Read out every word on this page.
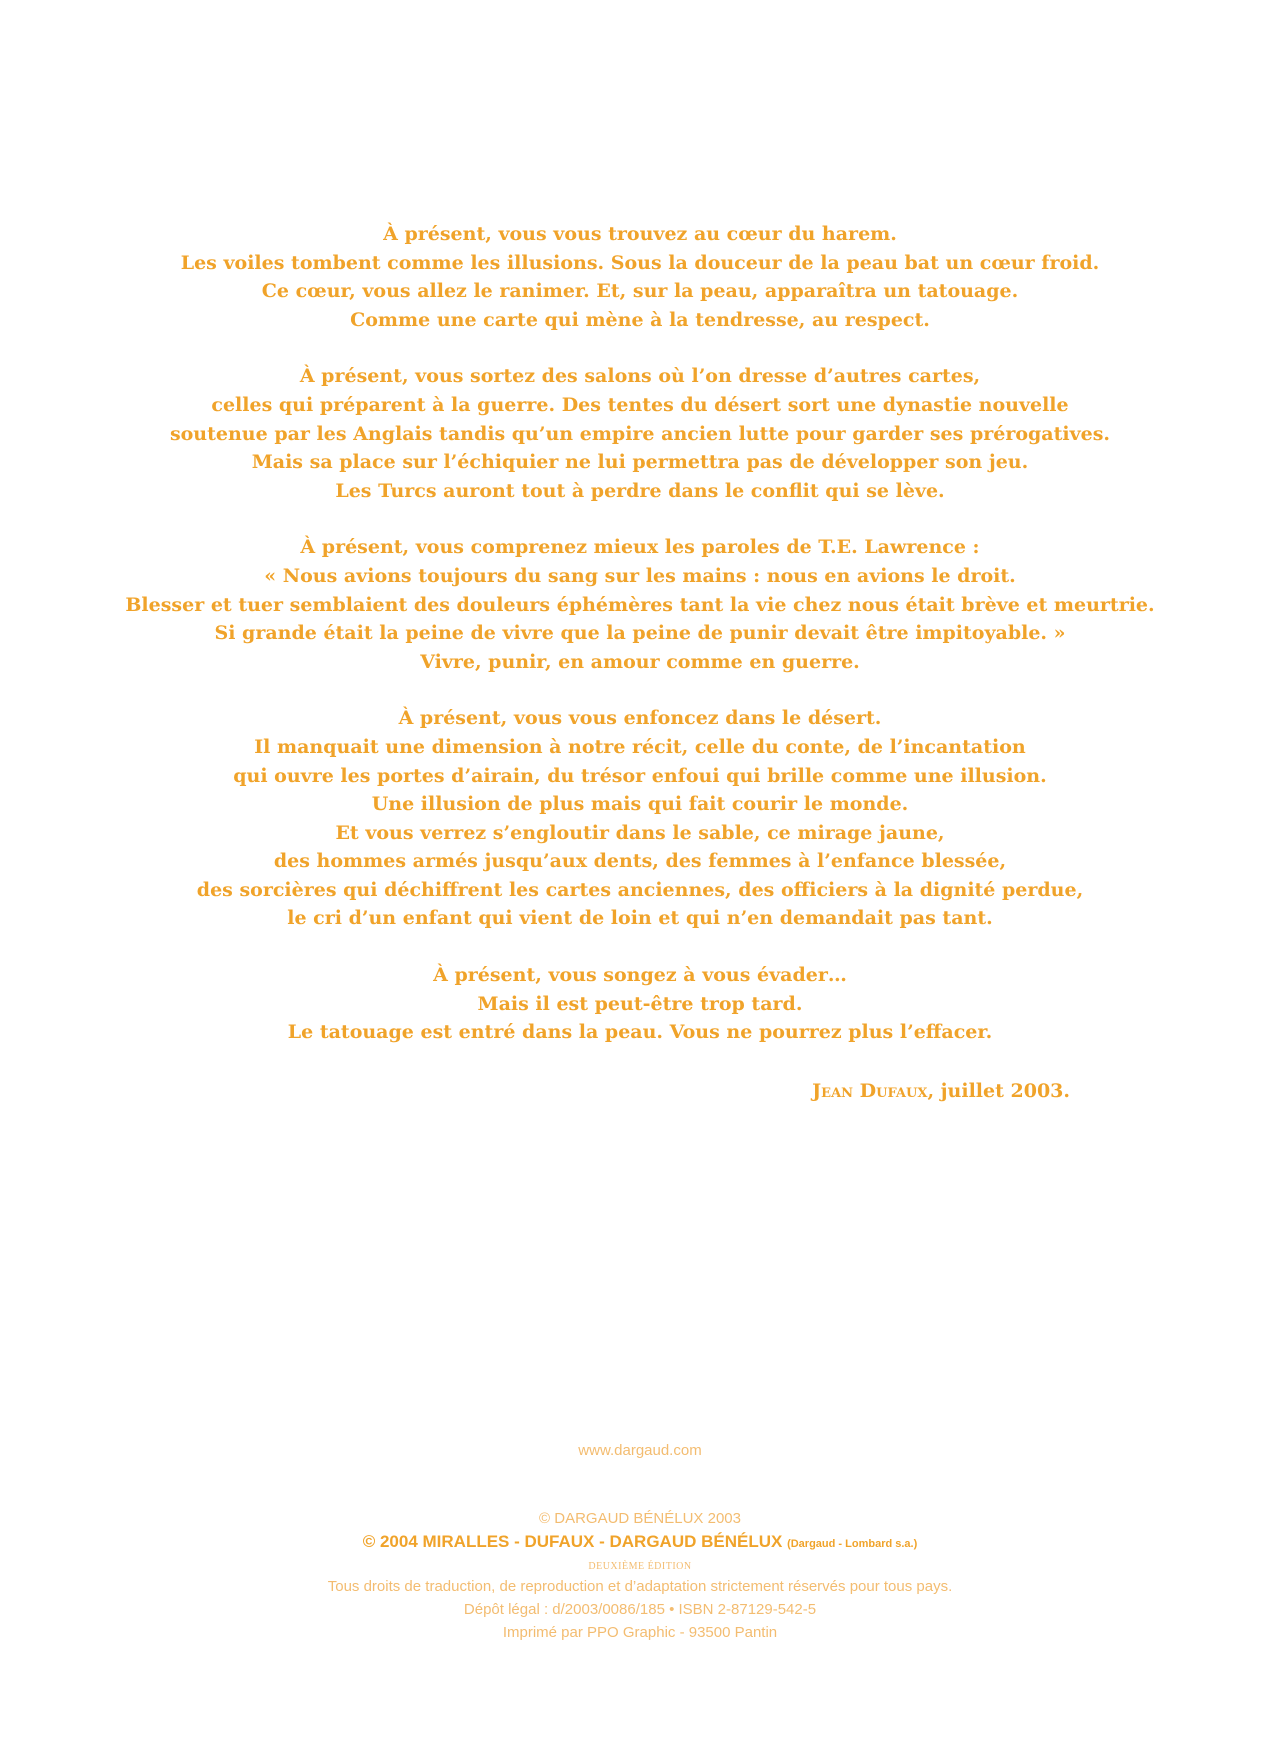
À présent, vous vous trouvez au cœur du harem.
Les voiles tombent comme les illusions. Sous la douceur de la peau bat un cœur froid.
Ce cœur, vous allez le ranimer. Et, sur la peau, apparaîtra un tatouage.
Comme une carte qui mène à la tendresse, au respect.
À présent, vous sortez des salons où l’on dresse d’autres cartes,
celles qui préparent à la guerre. Des tentes du désert sort une dynastie nouvelle
soutenue par les Anglais tandis qu’un empire ancien lutte pour garder ses prérogatives.
Mais sa place sur l’échiquier ne lui permettra pas de développer son jeu.
Les Turcs auront tout à perdre dans le conflit qui se lève.
À présent, vous comprenez mieux les paroles de T.E. Lawrence :
« Nous avions toujours du sang sur les mains : nous en avions le droit.
Blesser et tuer semblaient des douleurs éphémères tant la vie chez nous était brève et meurtrie.
Si grande était la peine de vivre que la peine de punir devait être impitoyable. »
Vivre, punir, en amour comme en guerre.
À présent, vous vous enfoncez dans le désert.
Il manquait une dimension à notre récit, celle du conte, de l’incantation
qui ouvre les portes d’airain, du trésor enfoui qui brille comme une illusion.
Une illusion de plus mais qui fait courir le monde.
Et vous verrez s’engloutir dans le sable, ce mirage jaune,
des hommes armés jusqu’aux dents, des femmes à l’enfance blessée,
des sorcières qui déchiffrent les cartes anciennes, des officiers à la dignité perdue,
le cri d’un enfant qui vient de loin et qui n’en demandait pas tant.
À présent, vous songez à vous évader…
Mais il est peut-être trop tard.
Le tatouage est entré dans la peau. Vous ne pourrez plus l’effacer.
Jean Dufaux, juillet 2003.
www.dargaud.com
© DARGAUD BÉNÉLUX 2003
© 2004 MIRALLES - DUFAUX - DARGAUD BÉNÉLUX (Dargaud - Lombard s.a.)
DEUXIÈME ÉDITION
Tous droits de traduction, de reproduction et d’adaptation strictement réservés pour tous pays.
Dépôt légal : d/2003/0086/185 • ISBN 2-87129-542-5
Imprimé par PPO Graphic - 93500 Pantin
